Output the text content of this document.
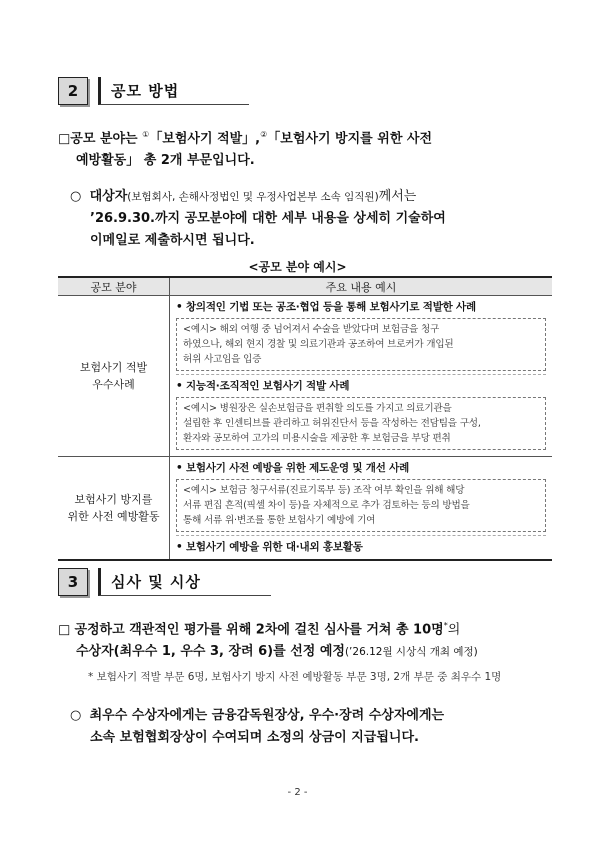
2	공모 방법
□공모 분야는 ①「보험사기 적발」,②「보험사기 방지를 위한 사전
예방활동」 총 2개 부문입니다.
○ 대상자(보험회사, 손해사정법인 및 우정사업본부 소속 임직원)께서는
’26.9.30.까지 공모분야에 대한 세부 내용을 상세히 기술하여
이메일로 제출하시면 됩니다.
<공모 분야 예시>
공모 분야	주요 내용 예시
보험사기 적발
우수사례
• 창의적인 기법 또는 공조·협업 등을 통해 보험사기로 적발한 사례
<예시> 해외 여행 중 넘어져서 수술을 받았다며 보험금을 청구
하였으나, 해외 현지 경찰 및 의료기관과 공조하여 브로커가 개입된
허위 사고임을 입증
• 지능적·조직적인 보험사기 적발 사례
<예시> 병원장은 실손보험금을 편취할 의도를 가지고 의료기관을
설립한 후 인센티브를 관리하고 허위진단서 등을 작성하는 전담팀을 구성,
환자와 공모하여 고가의 미용시술을 제공한 후 보험금을 부당 편취
보험사기 방지를
위한 사전 예방활동
• 보험사기 사전 예방을 위한 제도운영 및 개선 사례
<예시> 보험금 청구서류(진료기록부 등) 조작 여부 확인을 위해 해당
서류 편집 흔적(픽셀 차이 등)을 자체적으로 추가 검토하는 등의 방법을
통해 서류 위·변조를 통한 보험사기 예방에 기여
• 보험사기 예방을 위한 대·내외 홍보활동
3	심사 및 시상
□ 공정하고 객관적인 평가를 위해 2차에 걸친 심사를 거쳐 총 10명*의
수상자(최우수 1, 우수 3, 장려 6)를 선정 예정(’26.12월 시상식 개최 예정)
* 보험사기 적발 부문 6명, 보험사기 방지 사전 예방활동 부문 3명, 2개 부문 중 최우수 1명
○ 최우수 수상자에게는 금융감독원장상, 우수·장려 수상자에게는
소속 보험협회장상이 수여되며 소정의 상금이 지급됩니다.
- 2 -
